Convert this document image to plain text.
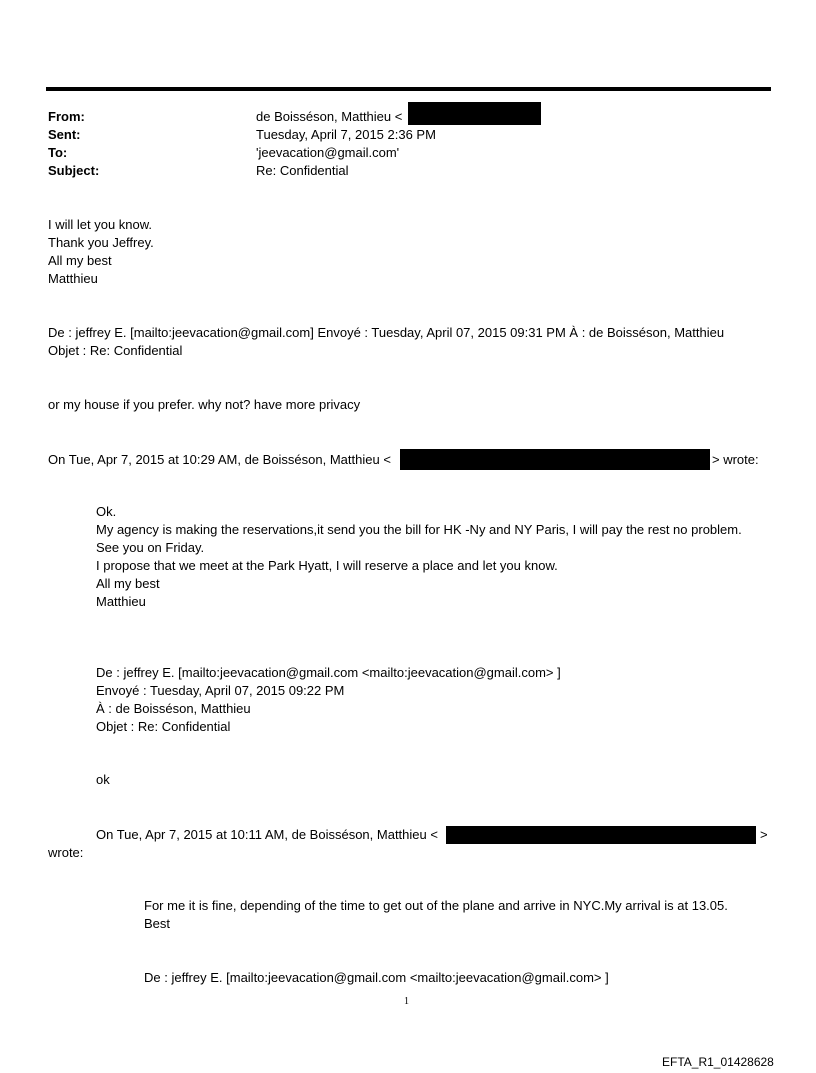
From:	de Boisséson, Matthieu <
Sent:	Tuesday, April 7, 2015 2:36 PM
To:	'jeevacation@gmail.com'
Subject:	Re: Confidential
I will let you know.
Thank you Jeffrey.
All my best
Matthieu
De : jeffrey E. [mailto:jeevacation@gmail.com] Envoyé : Tuesday, April 07, 2015 09:31 PM À : de Boisséson, Matthieu
Objet : Re: Confidential
or my house if you prefer. why not? have more privacy
On Tue, Apr 7, 2015 at 10:29 AM, de Boisséson, Matthieu <	> wrote:
Ok.
My agency is making the reservations,it send you the bill for HK -Ny and NY Paris, I will pay the rest no problem.
See you on Friday.
I propose that we meet at the Park Hyatt, I will reserve a place and let you know.
All my best
Matthieu
De : jeffrey E. [mailto:jeevacation@gmail.com <mailto:jeevacation@gmail.com> ]
Envoyé : Tuesday, April 07, 2015 09:22 PM
À : de Boisséson, Matthieu
Objet : Re: Confidential
ok
On Tue, Apr 7, 2015 at 10:11 AM, de Boisséson, Matthieu <	>
wrote:
For me it is fine, depending of the time to get out of the plane and arrive in NYC.My arrival is at 13.05.
Best
De : jeffrey E. [mailto:jeevacation@gmail.com <mailto:jeevacation@gmail.com> ]
1
EFTA_R1_01428628
